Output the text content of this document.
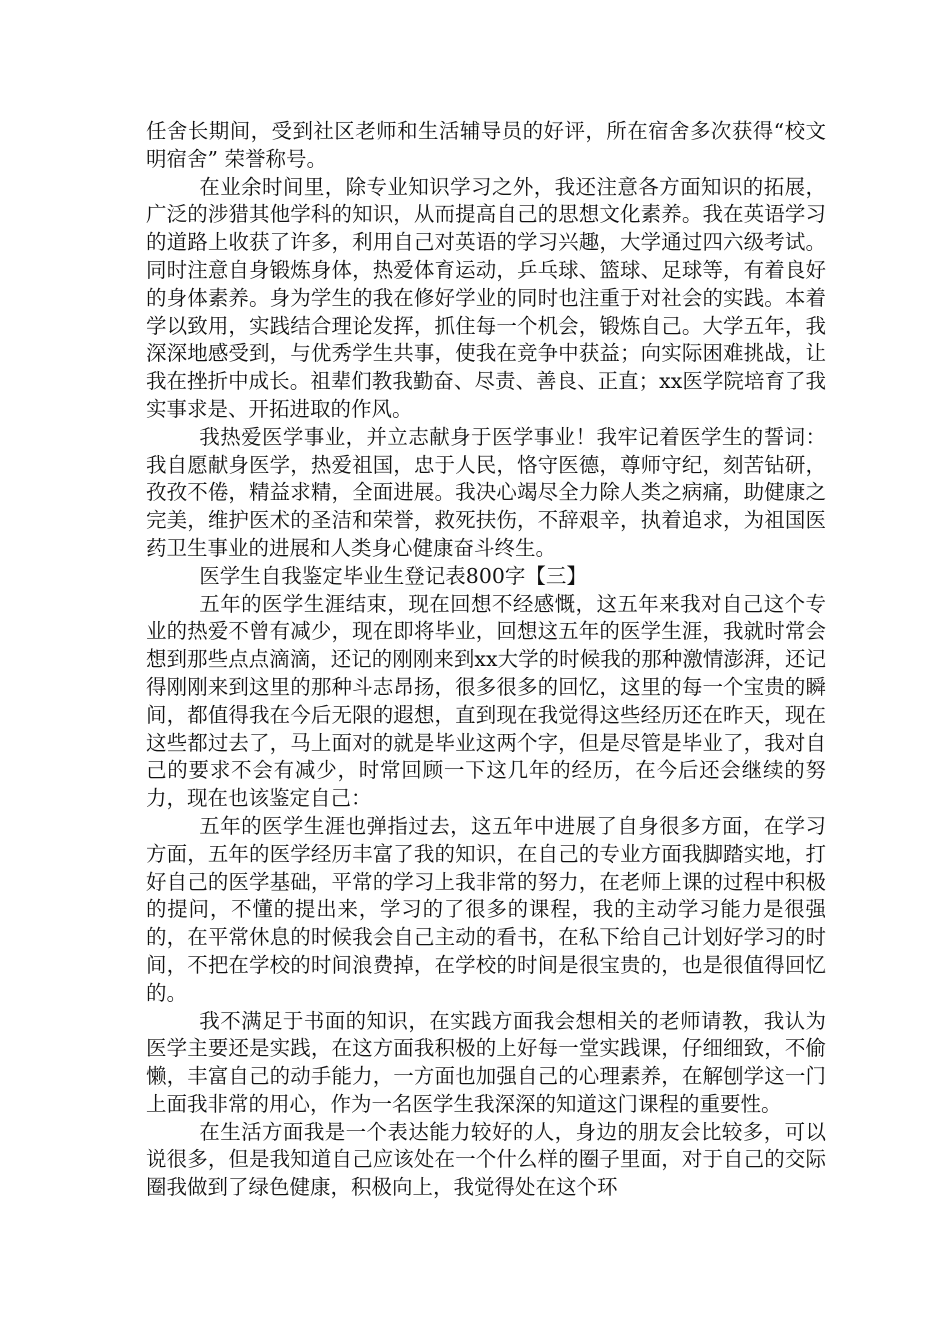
任舍长期间，受到社区老师和生活辅导员的好评，所在宿舍多次获得“校文明宿舍” 荣誉称号。

在业余时间里，除专业知识学习之外，我还注意各方面知识的拓展，广泛的涉猎其他学科的知识，从而提高自己的思想文化素养。我在英语学习的道路上收获了许多，利用自己对英语的学习兴趣，大学通过四六级考试。同时注意自身锻炼身体，热爱体育运动，乒乓球、篮球、足球等，有着良好的身体素养。身为学生的我在修好学业的同时也注重于对社会的实践。本着学以致用，实践结合理论发挥，抓住每一个机会，锻炼自己。大学五年，我深深地感受到，与优秀学生共事，使我在竞争中获益；向实际困难挑战，让我在挫折中成长。祖辈们教我勤奋、尽责、善良、正直；xx医学院培育了我实事求是、开拓进取的作风。

我热爱医学事业，并立志献身于医学事业！我牢记着医学生的誓词：我自愿献身医学，热爱祖国，忠于人民，恪守医德，尊师守纪，刻苦钻研，孜孜不倦，精益求精，全面进展。我决心竭尽全力除人类之病痛，助健康之完美，维护医术的圣洁和荣誉，救死扶伤，不辞艰辛，执着追求，为祖国医药卫生事业的进展和人类身心健康奋斗终生。

医学生自我鉴定毕业生登记表800字【三】

五年的医学生涯结束，现在回想不经感慨，这五年来我对自己这个专业的热爱不曾有减少，现在即将毕业，回想这五年的医学生涯，我就时常会想到那些点点滴滴，还记的刚刚来到xx大学的时候我的那种激情澎湃，还记得刚刚来到这里的那种斗志昂扬，很多很多的回忆，这里的每一个宝贵的瞬间，都值得我在今后无限的遐想，直到现在我觉得这些经历还在昨天，现在这些都过去了，马上面对的就是毕业这两个字，但是尽管是毕业了，我对自己的要求不会有减少，时常回顾一下这几年的经历，在今后还会继续的努力，现在也该鉴定自己：

五年的医学生涯也弹指过去，这五年中进展了自身很多方面，在学习方面，五年的医学经历丰富了我的知识，在自己的专业方面我脚踏实地，打好自己的医学基础，平常的学习上我非常的努力，在老师上课的过程中积极的提问，不懂的提出来，学习的了很多的课程，我的主动学习能力是很强的，在平常休息的时候我会自己主动的看书，在私下给自己计划好学习的时间，不把在学校的时间浪费掉，在学校的时间是很宝贵的，也是很值得回忆的。

我不满足于书面的知识，在实践方面我会想相关的老师请教，我认为医学主要还是实践，在这方面我积极的上好每一堂实践课，仔细细致，不偷懒，丰富自己的动手能力，一方面也加强自己的心理素养，在解刨学这一门上面我非常的用心，作为一名医学生我深深的知道这门课程的重要性。

在生活方面我是一个表达能力较好的人，身边的朋友会比较多，可以说很多，但是我知道自己应该处在一个什么样的圈子里面，对于自己的交际圈我做到了绿色健康，积极向上，我觉得处在这个环
